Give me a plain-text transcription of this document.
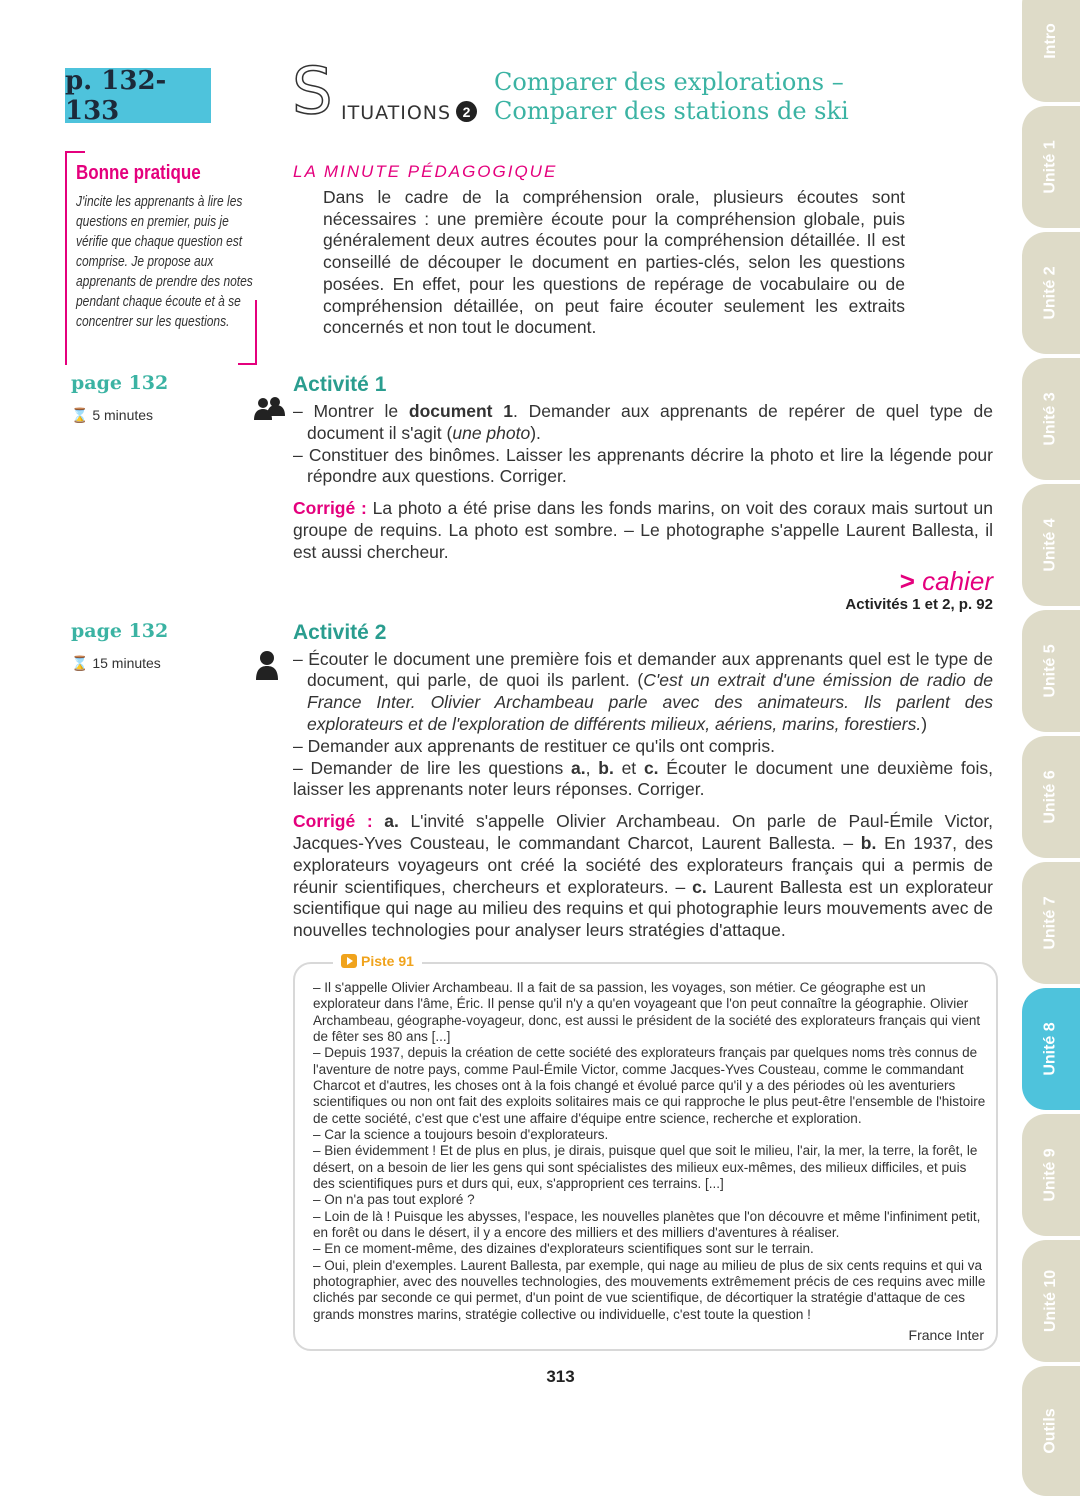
p. 132-133	S ITUATIONS 2
Comparer des explorations –
Comparer des stations de ski
Bonne pratique
J'incite les apprenants à lire les questions en premier, puis je vérifie que chaque question est comprise. Je propose aux apprenants de prendre des notes pendant chaque écoute et à se concentrer sur les questions.
LA MINUTE PÉDAGOGIQUE
Dans le cadre de la compréhension orale, plusieurs écoutes sont nécessaires : une première écoute pour la compréhension globale, puis généralement deux autres écoutes pour la compréhension détaillée. Il est conseillé de découper le document en parties-clés, selon les questions posées. En effet, pour les questions de repérage de vocabulaire ou de compréhension détaillée, on peut faire écouter seulement les extraits concernés et non tout le document.
page 132
⌛ 5 minutes
Activité 1
– Montrer le document 1. Demander aux apprenants de repérer de quel type de document il s'agit (une photo).
– Constituer des binômes. Laisser les apprenants décrire la photo et lire la légende pour répondre aux questions. Corriger.
Corrigé : La photo a été prise dans les fonds marins, on voit des coraux mais surtout un groupe de requins. La photo est sombre. – Le photographe s'appelle Laurent Ballesta, il est aussi chercheur.
> cahier
Activités 1 et 2, p. 92
page 132
⌛ 15 minutes
Activité 2
– Écouter le document une première fois et demander aux apprenants quel est le type de document, qui parle, de quoi ils parlent. (C'est un extrait d'une émission de radio de France Inter. Olivier Archambeau parle avec des animateurs. Ils parlent des explorateurs et de l'exploration de différents milieux, aériens, marins, forestiers.)
– Demander aux apprenants de restituer ce qu'ils ont compris.
– Demander de lire les questions a., b. et c. Écouter le document une deuxième fois, laisser les apprenants noter leurs réponses. Corriger.
Corrigé : a. L'invité s'appelle Olivier Archambeau. On parle de Paul-Émile Victor, Jacques-Yves Cousteau, le commandant Charcot, Laurent Ballesta. – b. En 1937, des explorateurs voyageurs ont créé la société des explorateurs français qui a permis de réunir scientifiques, chercheurs et explorateurs. – c. Laurent Ballesta est un explorateur scientifique qui nage au milieu des requins et qui photographie leurs mouvements avec de nouvelles technologies pour analyser leurs stratégies d'attaque.
Piste 91
– Il s'appelle Olivier Archambeau. Il a fait de sa passion, les voyages, son métier. Ce géographe est un explorateur dans l'âme, Éric. Il pense qu'il n'y a qu'en voyageant que l'on peut connaître la géographie. Olivier Archambeau, géographe-voyageur, donc, est aussi le président de la société des explorateurs français qui vient de fêter ses 80 ans [...]
– Depuis 1937, depuis la création de cette société des explorateurs français par quelques noms très connus de l'aventure de notre pays, comme Paul-Émile Victor, comme Jacques-Yves Cousteau, comme le commandant Charcot et d'autres, les choses ont à la fois changé et évolué parce qu'il y a des périodes où les aventuriers scientifiques ou non ont fait des exploits solitaires mais ce qui rapproche le plus peut-être l'ensemble de l'histoire de cette société, c'est que c'est une affaire d'équipe entre science, recherche et exploration.
– Car la science a toujours besoin d'explorateurs.
– Bien évidemment ! Et de plus en plus, je dirais, puisque quel que soit le milieu, l'air, la mer, la terre, la forêt, le désert, on a besoin de lier les gens qui sont spécialistes des milieux eux-mêmes, des milieux difficiles, et puis des scientifiques purs et durs qui, eux, s'approprient ces terrains. [...]
– On n'a pas tout exploré ?
– Loin de là ! Puisque les abysses, l'espace, les nouvelles planètes que l'on découvre et même l'infiniment petit, en forêt ou dans le désert, il y a encore des milliers et des milliers d'aventures à réaliser.
– En ce moment-même, des dizaines d'explorateurs scientifiques sont sur le terrain.
– Oui, plein d'exemples. Laurent Ballesta, par exemple, qui nage au milieu de plus de six cents requins et qui va photographier, avec des nouvelles technologies, des mouvements extrêmement précis de ces requins avec mille clichés par seconde ce qui permet, d'un point de vue scientifique, de décortiquer la stratégie d'attaque de ces grands monstres marins, stratégie collective ou individuelle, c'est toute la question !
France Inter
313
Intro
Unité 1
Unité 2
Unité 3
Unité 4
Unité 5
Unité 6
Unité 7
Unité 8
Unité 9
Unité 10
Outils
